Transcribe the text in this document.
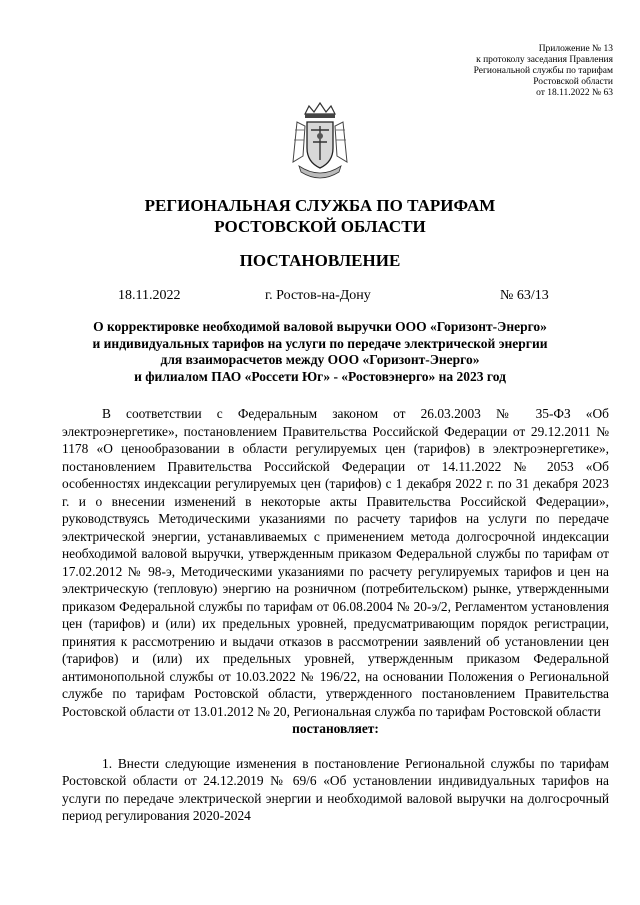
Приложение № 13
к протоколу заседания Правления
Региональной службы по тарифам
Ростовской области
от 18.11.2022 № 63
РЕГИОНАЛЬНАЯ СЛУЖБА ПО ТАРИФАМ
РОСТОВСКОЙ ОБЛАСТИ
ПОСТАНОВЛЕНИЕ
18.11.2022	г. Ростов-на-Дону	№ 63/13
О корректировке необходимой валовой выручки ООО «Горизонт-Энерго»
и индивидуальных тарифов на услуги по передаче электрической энергии
для взаиморасчетов между ООО «Горизонт-Энерго»
и филиалом ПАО «Россети Юг» - «Ростовэнерго» на 2023 год

В соответствии с Федеральным законом от 26.03.2003 № 35-ФЗ «Об электроэнергетике», постановлением Правительства Российской Федерации от 29.12.2011 № 1178 «О ценообразовании в области регулируемых цен (тарифов) в электроэнергетике», постановлением Правительства Российской Федерации от 14.11.2022 № 2053 «Об особенностях индексации регулируемых цен (тарифов) с 1 декабря 2022 г. по 31 декабря 2023 г. и о внесении изменений в некоторые акты Правительства Российской Федерации», руководствуясь Методическими указаниями по расчету тарифов на услуги по передаче электрической энергии, устанавливаемых с применением метода долгосрочной индексации необходимой валовой выручки, утвержденным приказом Федеральной службы по тарифам от 17.02.2012 № 98-э, Методическими указаниями по расчету регулируемых тарифов и цен на электрическую (тепловую) энергию на розничном (потребительском) рынке, утвержденными приказом Федеральной службы по тарифам от 06.08.2004 № 20-э/2, Регламентом установления цен (тарифов) и (или) их предельных уровней, предусматривающим порядок регистрации, принятия к рассмотрению и выдачи отказов в рассмотрении заявлений об установлении цен (тарифов) и (или) их предельных уровней, утвержденным приказом Федеральной антимонопольной службы от 10.03.2022 № 196/22, на основании Положения о Региональной службе по тарифам Ростовской области, утвержденного постановлением Правительства Ростовской области от 13.01.2012 № 20, Региональная служба по тарифам Ростовской области

постановляет:

1. Внести следующие изменения в постановление Региональной службы по тарифам Ростовской области от 24.12.2019 № 69/6 «Об установлении индивидуальных тарифов на услуги по передаче электрической энергии и необходимой валовой выручки на долгосрочный период регулирования 2020-2024
